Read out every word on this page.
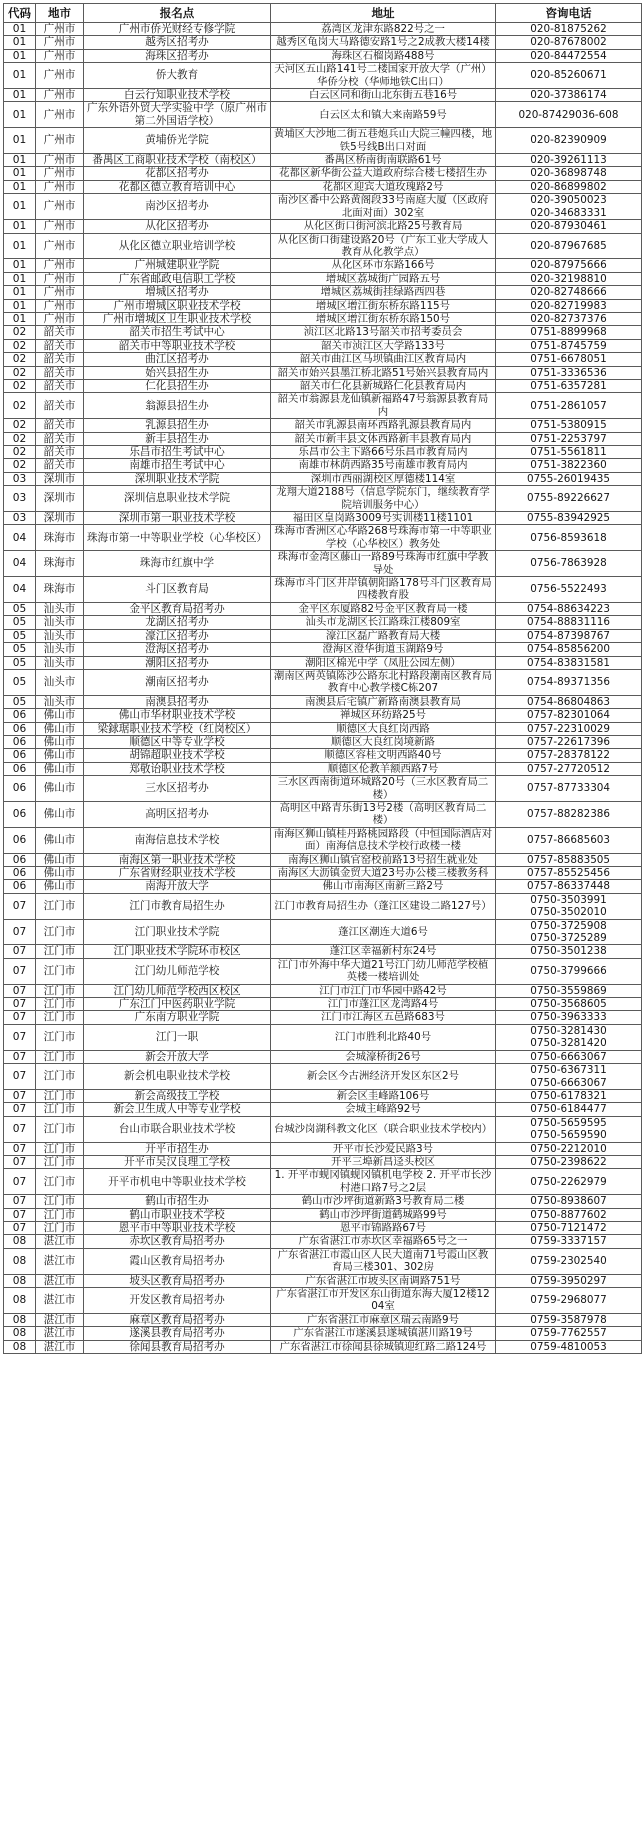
代码	地市	报名点	地址	咨询电话
01	广州市	广州市侨光财经专修学院	荔湾区龙津东路822号之一	020-81875262
01	广州市	越秀区招考办	越秀区龟岗大马路德安路1号之2成教大楼14楼	020-87678002
01	广州市	海珠区招考办	海珠区石榴岗路488号	020-84472554
01	广州市	侨大教育	天河区五山路141号二楼国家开放大学（广州）华侨分校（华师地铁C出口）	020-85260671
01	广州市	白云行知职业技术学校	白云区同和街山北东街五巷16号	020-37386174
01	广州市	广东外语外贸大学实验中学（原广州市第二外国语学校）	白云区太和镇大来南路59号	020-87429036-608
01	广州市	黄埔侨光学院	黄埔区大沙地二街五巷炮兵山大院三幢四楼，地铁5号线B出口对面	020-82390909
01	广州市	番禺区工商职业技术学校（南校区）	番禺区桥南街南联路61号	020-39261113
01	广州市	花都区招考办	花都区新华街公益大道政府综合楼七楼招生办	020-36898748
01	广州市	花都区德立教育培训中心	花都区迎宾大道玫瑰路2号	020-86899802
01	广州市	南沙区招考办	南沙区番中公路黄阁段33号南庭大厦（区政府北面对面）302室	020-39050023
020-34683331
01	广州市	从化区招考办	从化区街口街河滨北路25号教育局	020-87930461
01	广州市	从化区德立职业培训学校	从化区街口街建设路20号（广东工业大学成人教育从化教学点）	020-87967685
01	广州市	广州城建职业学院	从化区环市东路166号	020-87975666
01	广州市	广东省邮政电信职工学校	增城区荔城街广园路五号	020-32198810
01	广州市	增城区招考办	增城区荔城街挂绿路西四巷	020-82748666
01	广州市	广州市增城区职业技术学校	增城区增江街东桥东路115号	020-82719983
01	广州市	广州市增城区卫生职业技术学校	增城区增江街东桥东路150号	020-82737376
02	韶关市	韶关市招生考试中心	浈江区北路13号韶关市招考委员会	0751-8899968
02	韶关市	韶关市中等职业技术学校	韶关市浈江区大学路133号	0751-8745759
02	韶关市	曲江区招考办	韶关市曲江区马坝镇曲江区教育局内	0751-6678051
02	韶关市	始兴县招生办	韶关市始兴县墨江桥北路51号始兴县教育局内	0751-3336536
02	韶关市	仁化县招生办	韶关市仁化县新城路仁化县教育局内	0751-6357281
02	韶关市	翁源县招生办	韶关市翁源县龙仙镇新福路47号翁源县教育局内	0751-2861057
02	韶关市	乳源县招生办	韶关市乳源县南环西路乳源县教育局内	0751-5380915
02	韶关市	新丰县招生办	韶关市新丰县文体西路新丰县教育局内	0751-2253797
02	韶关市	乐昌市招生考试中心	乐昌市公主下路66号乐昌市教育局内	0751-5561811
02	韶关市	南雄市招生考试中心	南雄市林荫西路35号南雄市教育局内	0751-3822360
03	深圳市	深圳职业技术学院	深圳市西丽湖校区厚德楼114室	0755-26019435
03	深圳市	深圳信息职业技术学院	龙翔大道2188号（信息学院东门，继续教育学院培训服务中心）	0755-89226627
03	深圳市	深圳市第一职业技术学校	福田区皇岗路3009号实训楼11楼1101	0755-83942925
04	珠海市	珠海市第一中等职业学校（心华校区）	珠海市香洲区心华路268号珠海市第一中等职业学校（心华校区）教务处	0756-8593618
04	珠海市	珠海市红旗中学	珠海市金湾区藤山一路89号珠海市红旗中学教导处	0756-7863928
04	珠海市	斗门区教育局	珠海市斗门区井岸镇朝阳路178号斗门区教育局四楼教育股	0756-5522493
05	汕头市	金平区教育局招考办	金平区东厦路82号金平区教育局一楼	0754-88634223
05	汕头市	龙湖区招考办	汕头市龙湖区长江路珠江楼809室	0754-88831116
05	汕头市	濠江区招考办	濠江区磊广路教育局大楼	0754-87398767
05	汕头市	澄海区招考办	澄海区澄华街道玉湖路9号	0754-85856200
05	汕头市	潮阳区招考办	潮阳区棉光中学（凤肚公园左侧）	0754-83831581
05	汕头市	潮南区招考办	潮南区两英镇陈沙公路东北村路段潮南区教育局教育中心教学楼C栋207	0754-89371356
05	汕头市	南澳县招考办	南澳县后宅镇广新路南澳县教育局	0754-86804863
06	佛山市	佛山市华材职业技术学校	禅城区环纺路25号	0757-82301064
06	佛山市	梁銶琚职业技术学校（红岗校区）	顺德区大良红岗西路	0757-22310029
06	佛山市	顺德区中等专业学校	顺德区大良红岗境新路	0757-22617396
06	佛山市	胡锦超职业技术学校	顺德区容桂文明西路40号	0757-28378122
06	佛山市	郑敬诒职业技术学校	顺德区伦教羊额西路7号	0757-27720512
06	佛山市	三水区招考办	三水区西南街道环城路20号（三水区教育局二楼）	0757-87733304
06	佛山市	高明区招考办	高明区中路青乐街13号2楼（高明区教育局二楼）	0757-88282386
06	佛山市	南海信息技术学校	南海区狮山镇桂丹路桃园路段（中恒国际酒店对面）南海信息技术学校行政楼一楼	0757-86685603
06	佛山市	南海区第一职业技术学校	南海区狮山镇官窑校前路13号招生就业处	0757-85883505
06	佛山市	广东省财经职业技术学校	南海区大沥镇金贸大道23号办公楼三楼教务科	0757-85525456
06	佛山市	南海开放大学	佛山市南海区南新三路2号	0757-86337448
07	江门市	江门市教育局招生办	江门市教育局招生办（蓬江区建设二路127号）	0750-3503991
0750-3502010
07	江门市	江门职业技术学院	蓬江区潮连大道6号	0750-3725908
0750-3725289
07	江门市	江门职业技术学院环市校区	蓬江区幸福新村东24号	0750-3501238
07	江门市	江门幼儿师范学校	江门市外海中华大道21号江门幼儿师范学校植英楼一楼培训处	0750-3799666
07	江门市	江门幼儿师范学校西区校区	江门市江门市华园中路42号	0750-3559869
07	江门市	广东江门中医药职业学院	江门市蓬江区龙湾路4号	0750-3568605
07	江门市	广东南方职业学院	江门市江海区五邑路683号	0750-3963333
07	江门市	江门一职	江门市胜利北路40号	0750-3281430
0750-3281420
07	江门市	新会开放大学	会城濠桥街26号	0750-6663067
07	江门市	新会机电职业技术学校	新会区今古洲经济开发区东区2号	0750-6367311
0750-6663067
07	江门市	新会高级技工学校	新会区圭峰路106号	0750-6178321
07	江门市	新会卫生成人中等专业学校	会城主峰路92号	0750-6184477
07	江门市	台山市联合职业技术学校	台城沙岗湖科教文化区（联合职业技术学校内）	0750-5659595
0750-5659590
07	江门市	开平市招生办	开平市长沙爱民路3号	0750-2212010
07	江门市	开平市吴汉良理工学校	开平三埠新昌迳头校区	0750-2398622
07	江门市	开平市机电中等职业技术学校	1. 开平市蚬冈镇蚬冈镇机电学校 2. 开平市长沙村港口路7号之2层	0750-2262979
07	江门市	鹤山市招生办	鹤山市沙坪街道新路3号教育局二楼	0750-8938607
07	江门市	鹤山市职业技术学校	鹤山市沙坪街道鹤城路99号	0750-8877602
07	江门市	恩平市中等职业技术学校	恩平市锦路路67号	0750-7121472
08	湛江市	赤坎区教育局招考办	广东省湛江市赤坎区幸福路65号之一	0759-3337157
08	湛江市	霞山区教育局招考办	广东省湛江市霞山区人民大道南71号霞山区教育局三楼301、302房	0759-2302540
08	湛江市	坡头区教育局招考办	广东省湛江市坡头区南调路751号	0759-3950297
08	湛江市	开发区教育局招考办	广东省湛江市开发区东山街道东海大厦12楼1204室	0759-2968077
08	湛江市	麻章区教育局招考办	广东省湛江市麻章区瑞云南路9号	0759-3587978
08	湛江市	遂溪县教育局招考办	广东省湛江市遂溪县遂城镇湛川路19号	0759-7762557
08	湛江市	徐闻县教育局招考办	广东省湛江市徐闻县徐城镇迎红路二路124号	0759-4810053
